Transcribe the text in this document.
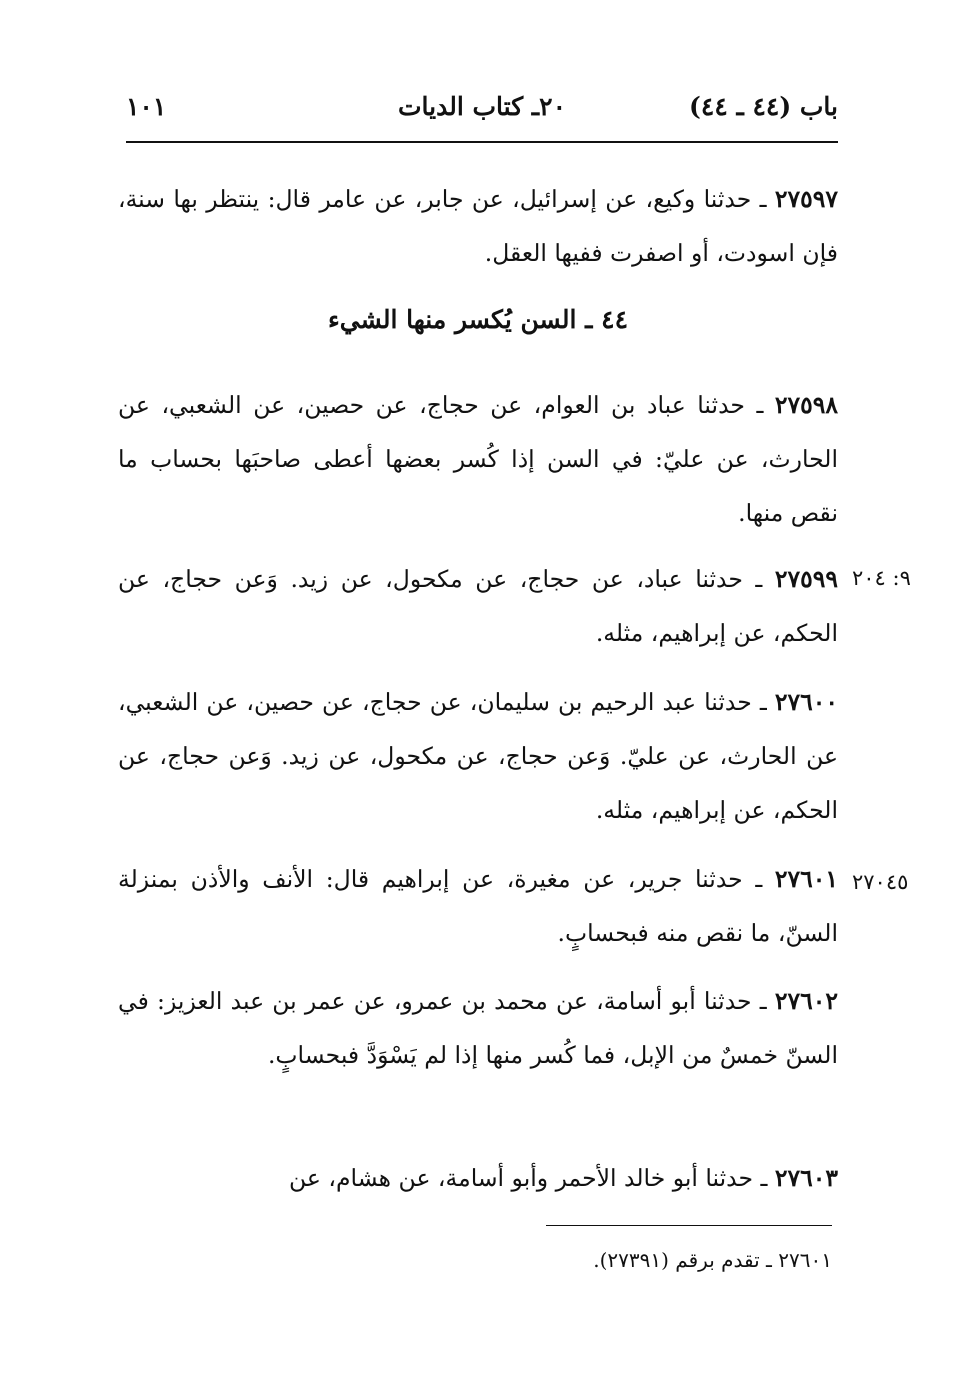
باب (٤٤ ـ ٤٤)
٢٠ـ كتاب الديات
١٠١
٢٧٥٩٧ ـ حدثنا وكيع، عن إسرائيل، عن جابر، عن عامر قال: ينتظر بها سنة، فإن اسودت، أو اصفرت ففيها العقل.
٤٤ ـ السن يُكسر منها الشيء
٢٧٥٩٨ ـ حدثنا عباد بن العوام، عن حجاج، عن حصين، عن الشعبي، عن الحارث، عن عليّ: في السن إذا كُسر بعضها أعطى صاحبَها بحساب ما نقص منها.
٩: ٢٠٤
٢٧٥٩٩ ـ حدثنا عباد، عن حجاج، عن مكحول، عن زيد. وَعن حجاج، عن الحكم، عن إبراهيم، مثله.
٢٧٦٠٠ ـ حدثنا عبد الرحيم بن سليمان، عن حجاج، عن حصين، عن الشعبي، عن الحارث، عن عليّ. وَعن حجاج، عن مكحول، عن زيد. وَعن حجاج، عن الحكم، عن إبراهيم، مثله.
٢٧٠٤٥
٢٧٦٠١ ـ حدثنا جرير، عن مغيرة، عن إبراهيم قال: الأنف والأذن بمنزلة السنّ، ما نقص منه فبحسابٍ.
٢٧٦٠٢ ـ حدثنا أبو أسامة، عن محمد بن عمرو، عن عمر بن عبد العزيز: في السنّ خمسٌ من الإبل، فما كُسر منها إذا لم يَسْوَدَّ فبحسابٍ.
٢٧٦٠٣ ـ حدثنا أبو خالد الأحمر وأبو أسامة، عن هشام، عن
٢٧٦٠١ ـ تقدم برقم (٢٧٣٩١).
